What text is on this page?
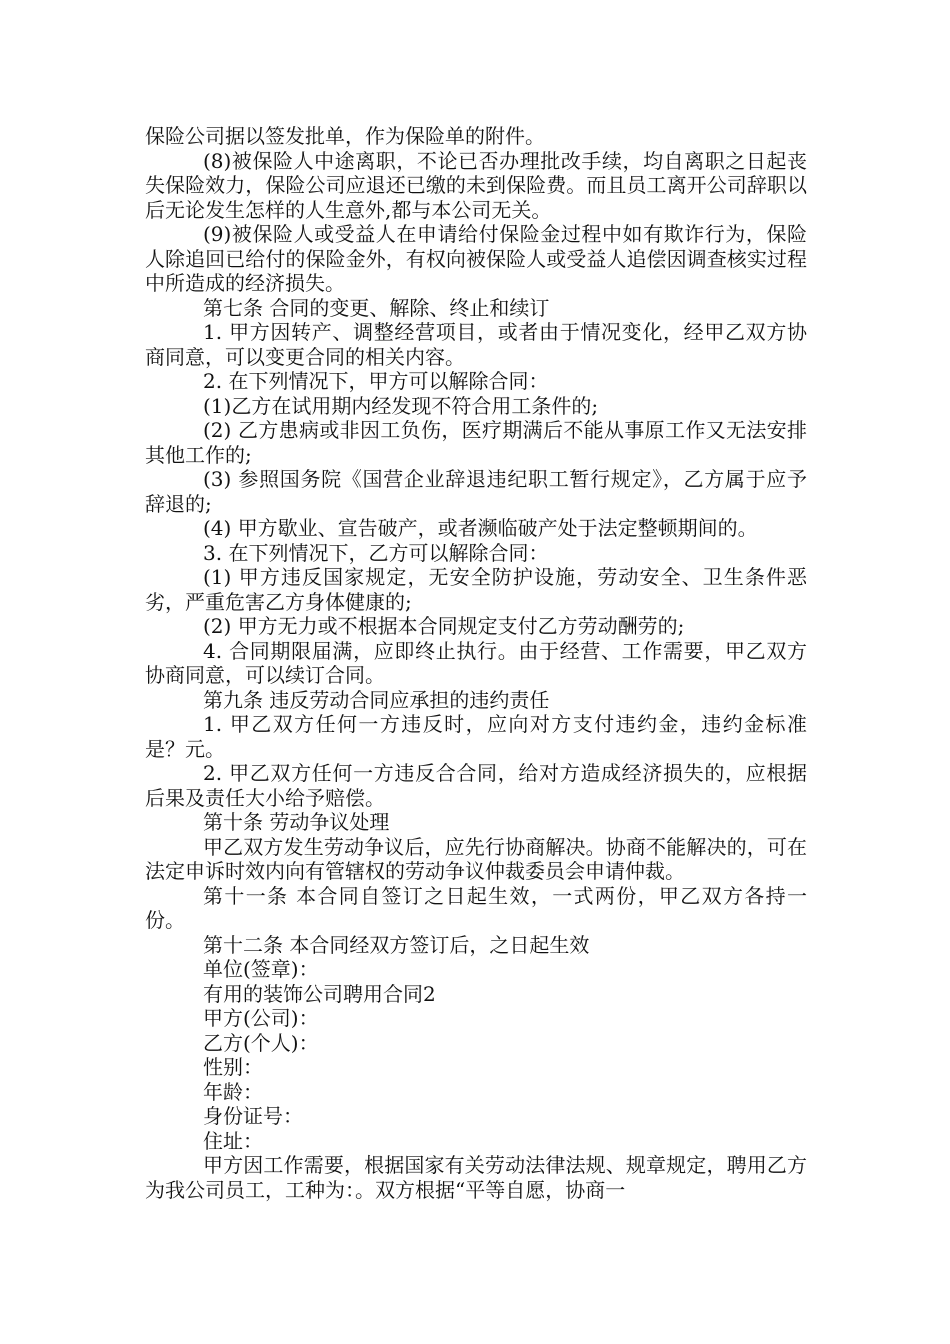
保险公司据以签发批单，作为保险单的附件。

(8)被保险人中途离职，不论已否办理批改手续，均自离职之日起丧失保险效力，保险公司应退还已缴的未到保险费。而且员工离开公司辞职以后无论发生怎样的人生意外,都与本公司无关。

(9)被保险人或受益人在申请给付保险金过程中如有欺诈行为，保险人除追回已给付的保险金外，有权向被保险人或受益人追偿因调查核实过程中所造成的经济损失。

第七条 合同的变更、解除、终止和续订

1. 甲方因转产、调整经营项目，或者由于情况变化，经甲乙双方协商同意，可以变更合同的相关内容。

2. 在下列情况下，甲方可以解除合同：

(1)乙方在试用期内经发现不符合用工条件的;

(2) 乙方患病或非因工负伤，医疗期满后不能从事原工作又无法安排其他工作的;

(3) 参照国务院《国营企业辞退违纪职工暂行规定》，乙方属于应予辞退的;

(4) 甲方歇业、宣告破产，或者濒临破产处于法定整顿期间的。

3. 在下列情况下，乙方可以解除合同：

(1) 甲方违反国家规定，无安全防护设施，劳动安全、卫生条件恶劣，严重危害乙方身体健康的;

(2) 甲方无力或不根据本合同规定支付乙方劳动酬劳的;

4. 合同期限届满，应即终止执行。由于经营、工作需要，甲乙双方协商同意，可以续订合同。

第九条 违反劳动合同应承担的违约责任

1. 甲乙双方任何一方违反时，应向对方支付违约金，违约金标准是？元。

2. 甲乙双方任何一方违反合合同，给对方造成经济损失的，应根据后果及责任大小给予赔偿。

第十条 劳动争议处理

甲乙双方发生劳动争议后，应先行协商解决。协商不能解决的，可在法定申诉时效内向有管辖权的劳动争议仲裁委员会申请仲裁。

第十一条 本合同自签订之日起生效，一式两份，甲乙双方各持一份。

第十二条 本合同经双方签订后，之日起生效

单位(签章)：

有用的装饰公司聘用合同2

甲方(公司)：

乙方(个人)：

性别：

年龄：

身份证号：

住址：

甲方因工作需要，根据国家有关劳动法律法规、规章规定，聘用乙方为我公司员工，工种为：。双方根据“平等自愿，协商一
